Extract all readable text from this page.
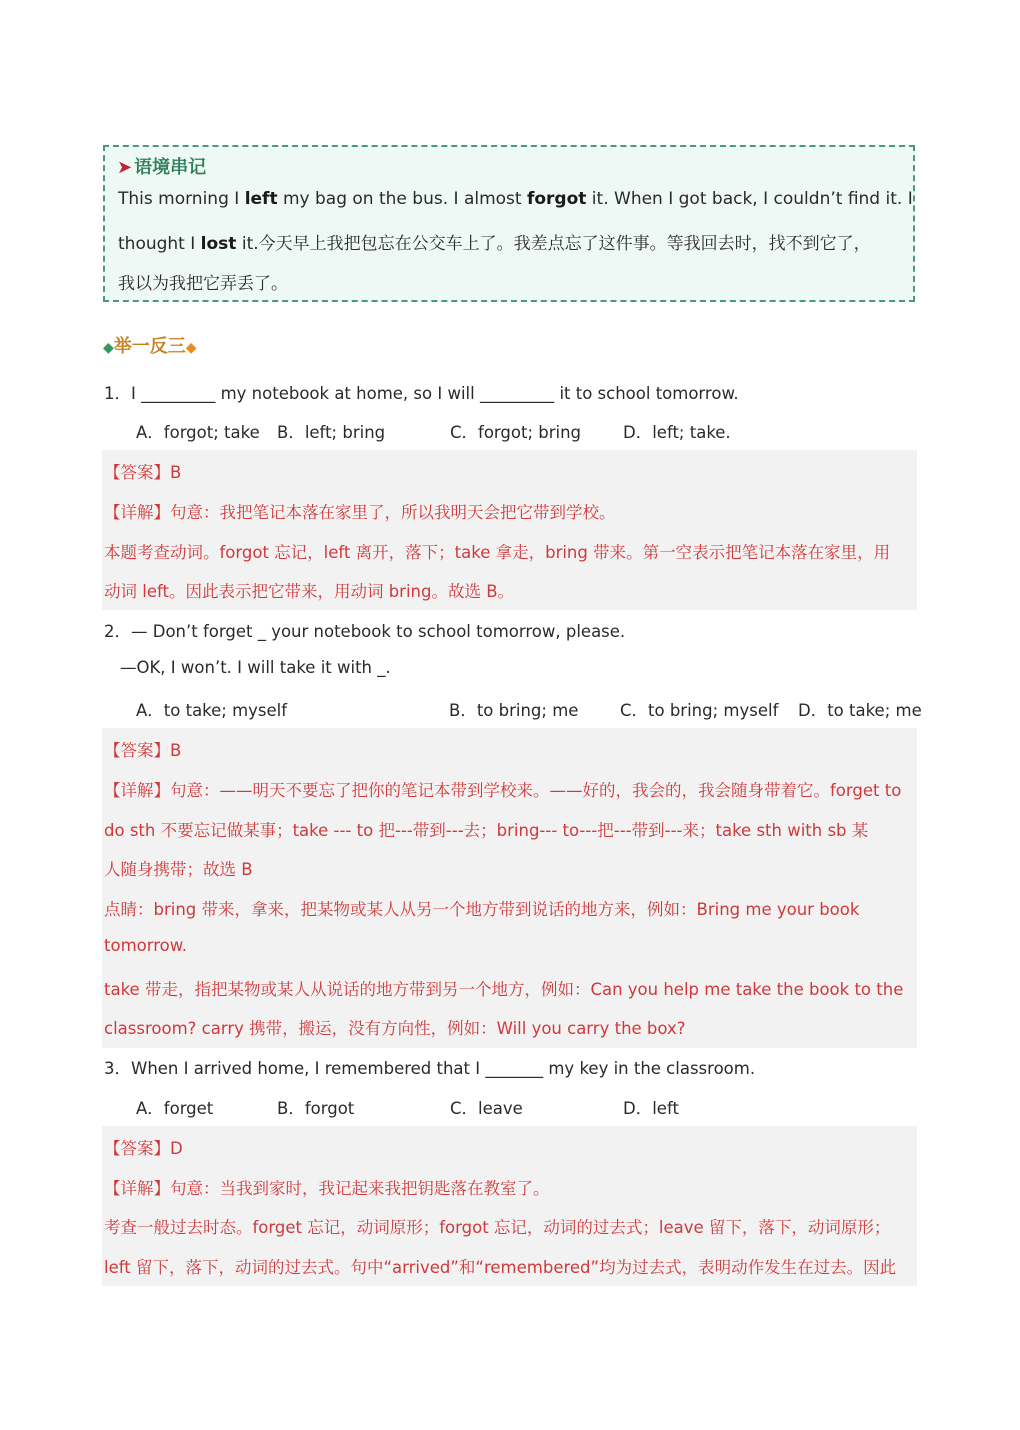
➤ 语境串记
This morning I left my bag on the bus. I almost forgot it. When I got back, I couldn’t find it. I
thought I lost it.今天早上我把包忘在公交车上了。我差点忘了这件事。等我回去时，找不到它了，
我以为我把它弄丢了。
◆举一反三◆
1．I _________ my notebook at home, so I will _________ it to school tomorrow.
A．forgot; take B．left; bring	C．forgot; bring	D．left; take.
【答案】B
【详解】句意：我把笔记本落在家里了，所以我明天会把它带到学校。
本题考查动词。forgot 忘记，left 离开，落下；take 拿走，bring 带来。第一空表示把笔记本落在家里，用
动词 left。因此表示把它带来，用动词 bring。故选 B。
2．— Don’t forget _ your notebook to school tomorrow, please.
—OK, I won’t. I will take it with _.
A．to take; myself	B．to bring; me	C．to bring; myself D．to take; me
【答案】B
【详解】句意：——明天不要忘了把你的笔记本带到学校来。——好的，我会的，我会随身带着它。forget to
do sth 不要忘记做某事；take --- to 把---带到---去；bring--- to---把---带到---来；take sth with sb 某
人随身携带；故选 B
点睛：bring 带来，拿来，把某物或某人从另一个地方带到说话的地方来，例如：Bring me your book
tomorrow.
take 带走，指把某物或某人从说话的地方带到另一个地方，例如：Can you help me take the book to the
classroom? carry 携带，搬运，没有方向性，例如：Will you carry the box?
3．When I arrived home, I remembered that I _______ my key in the classroom.
A．forget	B．forgot	C．leave	D．left
【答案】D
【详解】句意：当我到家时，我记起来我把钥匙落在教室了。
考查一般过去时态。forget 忘记，动词原形；forgot 忘记，动词的过去式；leave 留下，落下，动词原形；
left 留下，落下，动词的过去式。句中“arrived”和“remembered”均为过去式，表明动作发生在过去。因此
